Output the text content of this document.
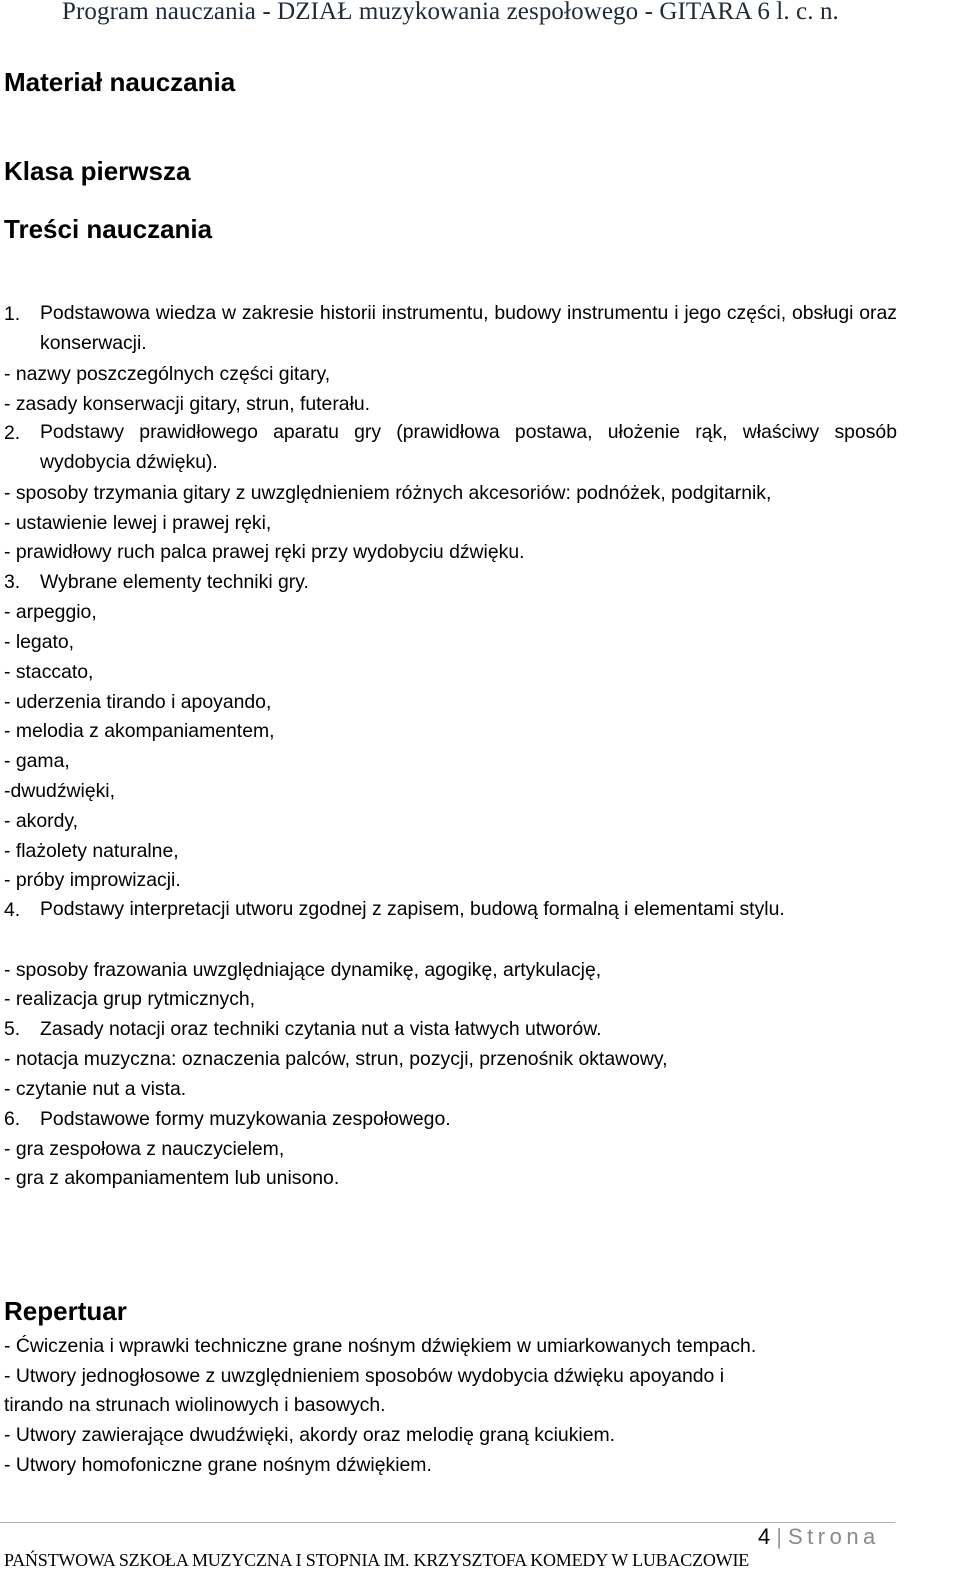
Program nauczania - DZIAŁ muzykowania zespołowego - GITARA 6 l. c. n.
Materiał nauczania
Klasa pierwsza
Treści nauczania
1. Podstawowa wiedza w zakresie historii instrumentu, budowy instrumentu i jego części, obsługi oraz konserwacji.

- nazwy poszczególnych części gitary,

- zasady konserwacji gitary, strun, futerału.

2. Podstawy prawidłowego aparatu gry (prawidłowa postawa, ułożenie rąk, właściwy sposób wydobycia dźwięku).

- sposoby trzymania gitary z uwzględnieniem różnych akcesoriów: podnóżek, podgitarnik,

- ustawienie lewej i prawej ręki,

- prawidłowy ruch palca prawej ręki przy wydobyciu dźwięku.

3. Wybrane elementy techniki gry.

- arpeggio,

- legato,

- staccato,

- uderzenia tirando i apoyando,

- melodia z akompaniamentem,

- gama,

-dwudźwięki,

- akordy,

- flażolety naturalne,

- próby improwizacji.

4. Podstawy interpretacji utworu zgodnej z zapisem, budową formalną i elementami stylu.

- sposoby frazowania uwzględniające dynamikę, agogikę, artykulację,

- realizacja grup rytmicznych,

5. Zasady notacji oraz techniki czytania nut a vista łatwych utworów.

- notacja muzyczna: oznaczenia palców, strun, pozycji, przenośnik oktawowy,

- czytanie nut a vista.

6. Podstawowe formy muzykowania zespołowego.

- gra zespołowa z nauczycielem,

- gra z akompaniamentem lub unisono.

Repertuar

- Ćwiczenia i wprawki techniczne grane nośnym dźwiękiem w umiarkowanych tempach.

- Utwory jednogłosowe z uwzględnieniem sposobów wydobycia dźwięku apoyando i

tirando na strunach wiolinowych i basowych.

- Utwory zawierające dwudźwięki, akordy oraz melodię graną kciukiem.

- Utwory homofoniczne grane nośnym dźwiękiem.

4 | Strona
PAŃSTWOWA SZKOŁA MUZYCZNA I STOPNIA IM. KRZYSZTOFA KOMEDY W LUBACZOWIE
